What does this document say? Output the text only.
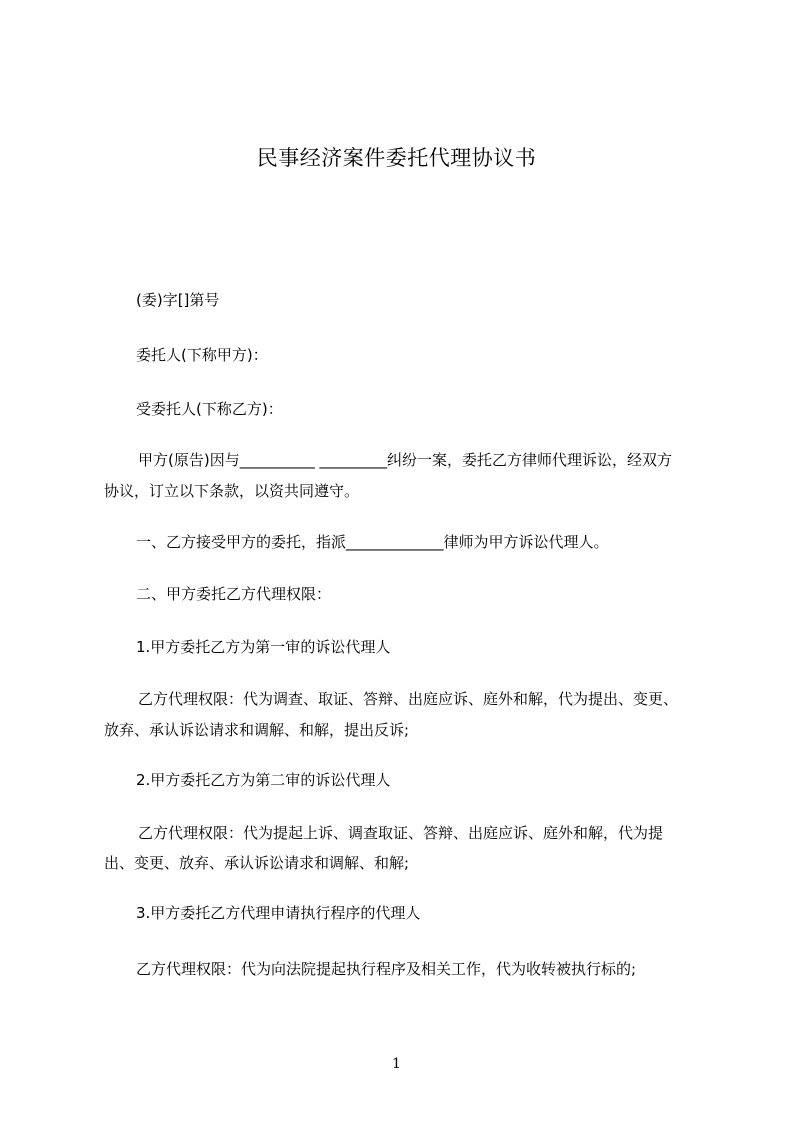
民事经济案件委托代理协议书
(委)字[]第号
委托人(下称甲方)：
受委托人(下称乙方)：
甲方(原告)因与__________ _________纠纷一案，委托乙方律师代理诉讼，经双方
协议，订立以下条款，以资共同遵守。
一、乙方接受甲方的委托，指派_____________律师为甲方诉讼代理人。
二、甲方委托乙方代理权限：
1.甲方委托乙方为第一审的诉讼代理人
乙方代理权限：代为调查、取证、答辩、出庭应诉、庭外和解，代为提出、变更、
放弃、承认诉讼请求和调解、和解，提出反诉;
2.甲方委托乙方为第二审的诉讼代理人
乙方代理权限：代为提起上诉、调查取证、答辩、出庭应诉、庭外和解，代为提
出、变更、放弃、承认诉讼请求和调解、和解;
3.甲方委托乙方代理申请执行程序的代理人
乙方代理权限：代为向法院提起执行程序及相关工作，代为收转被执行标的;
1
